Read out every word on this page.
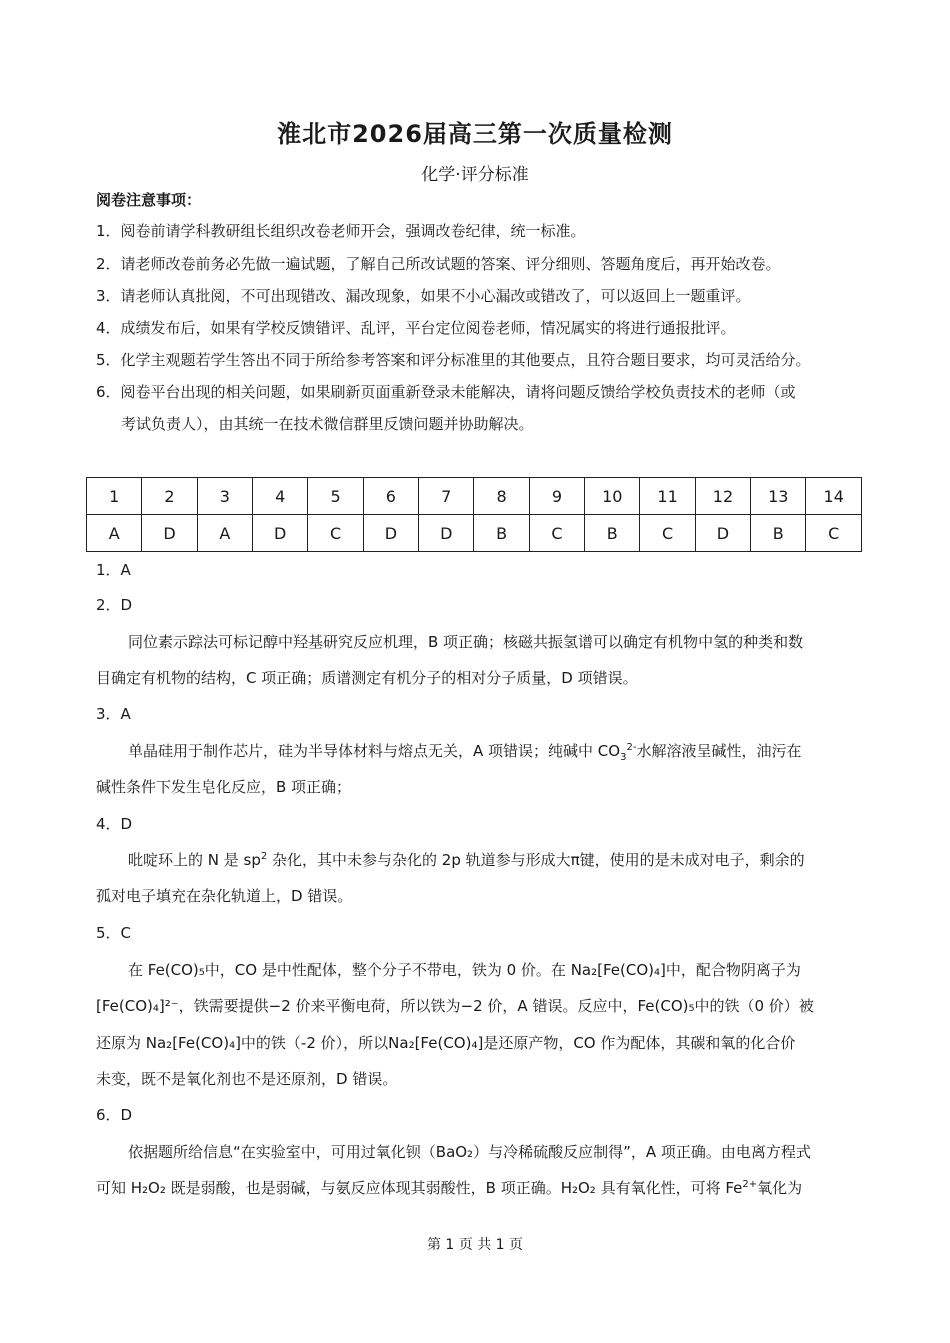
淮北市2026届高三第一次质量检测
化学·评分标准
阅卷注意事项：
1．阅卷前请学科教研组长组织改卷老师开会，强调改卷纪律，统一标准。
2．请老师改卷前务必先做一遍试题，了解自己所改试题的答案、评分细则、答题角度后，再开始改卷。
3．请老师认真批阅，不可出现错改、漏改现象，如果不小心漏改或错改了，可以返回上一题重评。
4．成绩发布后，如果有学校反馈错评、乱评，平台定位阅卷老师，情况属实的将进行通报批评。
5．化学主观题若学生答出不同于所给参考答案和评分标准里的其他要点，且符合题目要求，均可灵活给分。
6．阅卷平台出现的相关问题，如果刷新页面重新登录未能解决，请将问题反馈给学校负责技术的老师（或
考试负责人），由其统一在技术微信群里反馈问题并协助解决。
1	2	3	4	5	6	7	8	9	10	11	12	13	14
A	D	A	D	C	D	D	B	C	B	C	D	B	C
1．A
2．D
同位素示踪法可标记醇中羟基研究反应机理，B 项正确；核磁共振氢谱可以确定有机物中氢的种类和数
目确定有机物的结构，C 项正确；质谱测定有机分子的相对分子质量，D 项错误。
3．A
单晶硅用于制作芯片，硅为半导体材料与熔点无关，A 项错误；纯碱中 $CO_3^{2-}$水解溶液呈碱性，油污在
碱性条件下发生皂化反应，B 项正确；
4．D
吡啶环上的 N 是 $sp^2$ 杂化，其中未参与杂化的 2p 轨道参与形成大π键，使用的是未成对电子，剩余的
孤对电子填充在杂化轨道上，D 错误。
5．C
在 Fe(CO)₅中，CO 是中性配体，整个分子不带电，铁为 0 价。在 Na₂[Fe(CO)₄]中，配合物阴离子为
[Fe(CO)₄]²⁻，铁需要提供−2 价来平衡电荷，所以铁为−2 价，A 错误。反应中，Fe(CO)₅中的铁（0 价）被
还原为 Na₂[Fe(CO)₄]中的铁（-2 价），所以Na₂[Fe(CO)₄]是还原产物，CO 作为配体，其碳和氧的化合价
未变，既不是氧化剂也不是还原剂，D 错误。
6．D
依据题所给信息“在实验室中，可用过氧化钡（BaO₂）与冷稀硫酸反应制得”，A 项正确。由电离方程式
可知 H₂O₂ 既是弱酸，也是弱碱，与氨反应体现其弱酸性，B 项正确。H₂O₂ 具有氧化性，可将 $Fe^{2+}$氧化为
第 1 页 共 1 页
